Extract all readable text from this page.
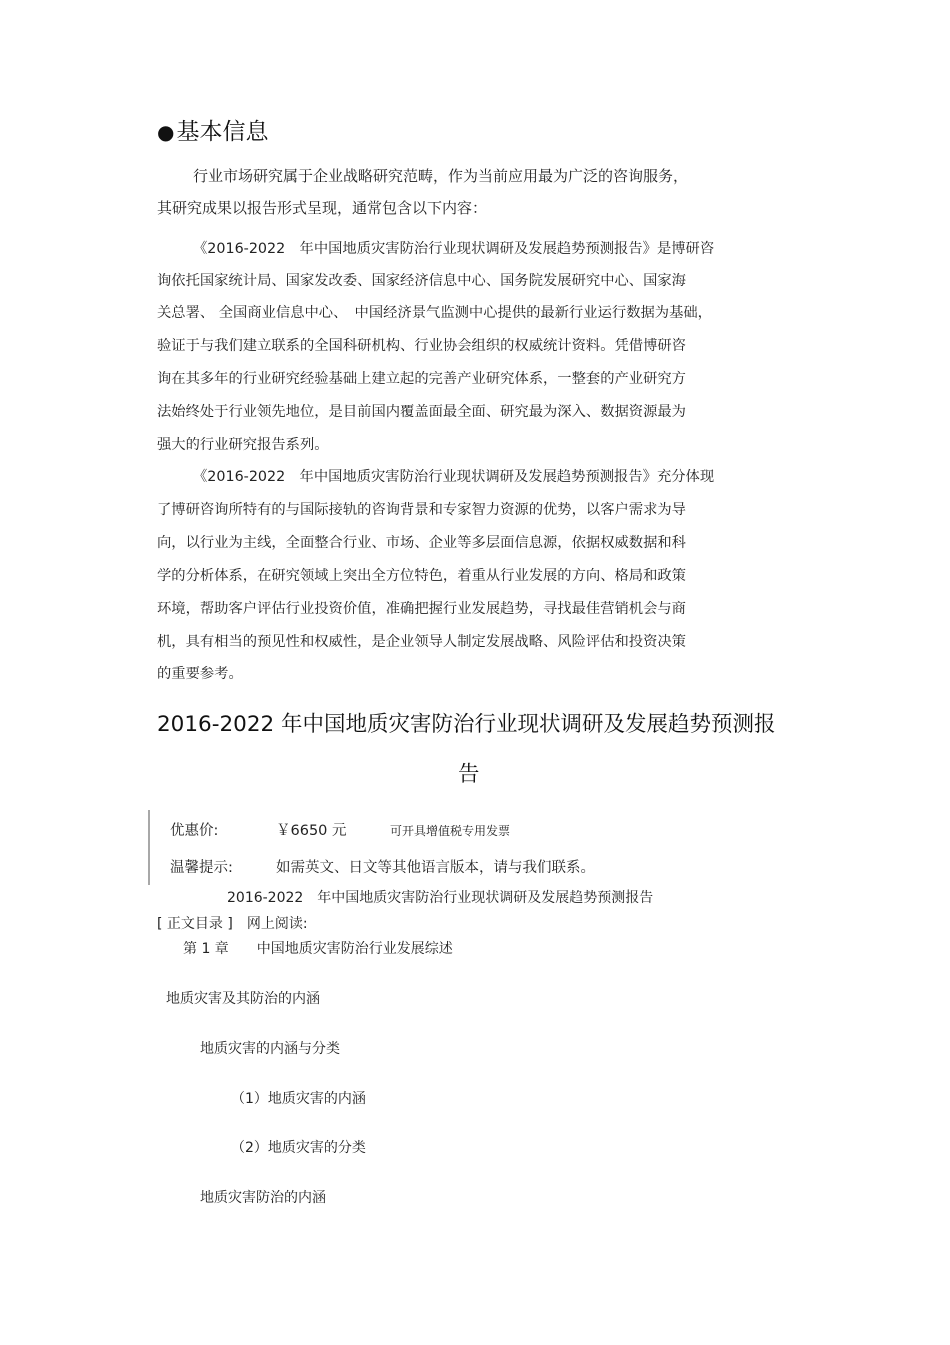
●基本信息
行业市场研究属于企业战略研究范畴，作为当前应用最为广泛的咨询服务，
其研究成果以报告形式呈现，通常包含以下内容：
《2016-2022　年中国地质灾害防治行业现状调研及发展趋势预测报告》是博研咨
询依托国家统计局、国家发改委、国家经济信息中心、国务院发展研究中心、国家海
关总署、 全国商业信息中心、　中国经济景气监测中心提供的最新行业运行数据为基础，
验证于与我们建立联系的全国科研机构、行业协会组织的权威统计资料。凭借博研咨
询在其多年的行业研究经验基础上建立起的完善产业研究体系，一整套的产业研究方
法始终处于行业领先地位，是目前国内覆盖面最全面、研究最为深入、数据资源最为
强大的行业研究报告系列。
《2016-2022　年中国地质灾害防治行业现状调研及发展趋势预测报告》充分体现
了博研咨询所特有的与国际接轨的咨询背景和专家智力资源的优势，以客户需求为导
向，以行业为主线，全面整合行业、市场、企业等多层面信息源，依据权威数据和科
学的分析体系，在研究领域上突出全方位特色，着重从行业发展的方向、格局和政策
环境，帮助客户评估行业投资价值，准确把握行业发展趋势，寻找最佳营销机会与商
机，具有相当的预见性和权威性，是企业领导人制定发展战略、风险评估和投资决策
的重要参考。
2016-2022 年中国地质灾害防治行业现状调研及发展趋势预测报
告
优惠价:	￥6650 元	可开具增值税专用发票
温馨提示:	如需英文、日文等其他语言版本，请与我们联系。
2016-2022　年中国地质灾害防治行业现状调研及发展趋势预测报告
[ 正文目录 ]　网上阅读:
第 1 章　　中国地质灾害防治行业发展综述
地质灾害及其防治的内涵
地质灾害的内涵与分类
（1）地质灾害的内涵
（2）地质灾害的分类
地质灾害防治的内涵
